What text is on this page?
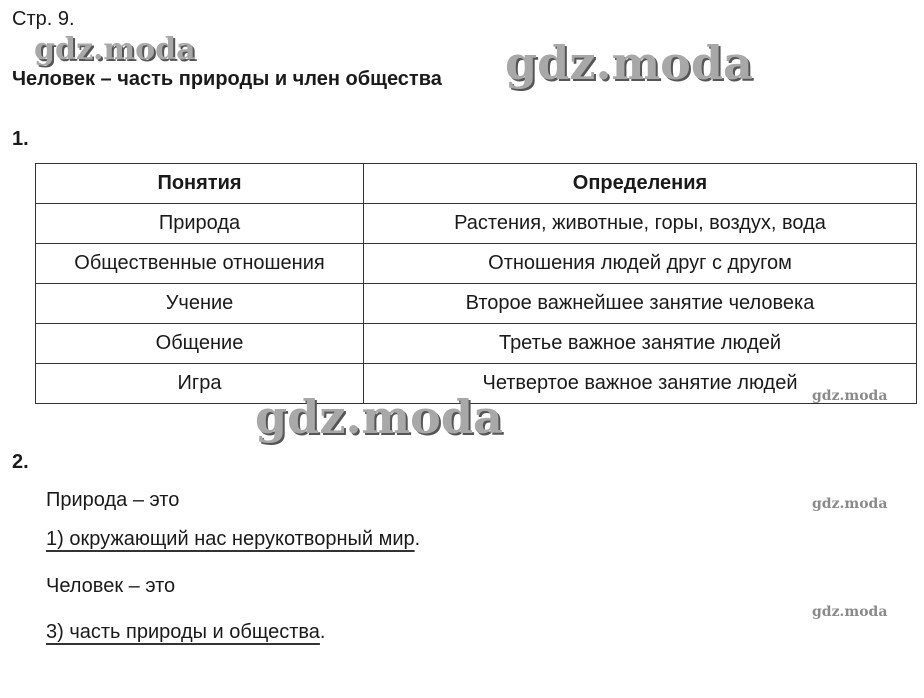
Стр. 9.
gdz.moda
Человек – часть природы и член общества gdz.moda
1.
Понятия	Определения
Природа	Растения, животные, горы, воздух, вода
Общественные отношения	Отношения людей друг с другом
Учение	Второе важнейшее занятие человека
Общение	Третье важное занятие людей
Игра	Четвертое важное занятие людей
gdz.moda
gdz.moda
2.
Природа – это	gdz.moda
1) окружающий нас нерукотворный мир.
Человек – это
gdz.moda
3) часть природы и общества.
